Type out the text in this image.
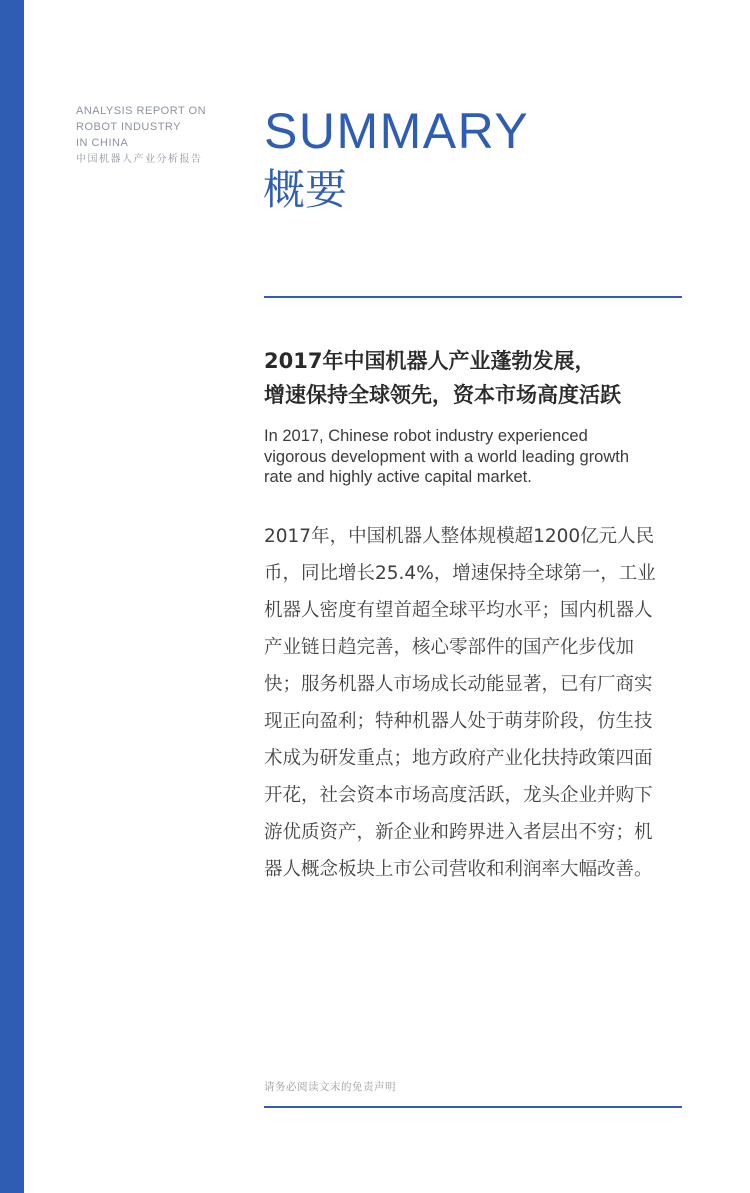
ANALYSIS REPORT ON
ROBOT INDUSTRY
IN CHINA
中国机器人产业分析报告
SUMMARY
概要
2017年中国机器人产业蓬勃发展，
增速保持全球领先，资本市场高度活跃

In 2017, Chinese robot industry experienced
vigorous development with a world leading growth
rate and highly active capital market.

2017年，中国机器人整体规模超1200亿元人民
币，同比增长25.4%，增速保持全球第一，工业
机器人密度有望首超全球平均水平；国内机器人
产业链日趋完善，核心零部件的国产化步伐加
快；服务机器人市场成长动能显著，已有厂商实
现正向盈利；特种机器人处于萌芽阶段，仿生技
术成为研发重点；地方政府产业化扶持政策四面
开花，社会资本市场高度活跃，龙头企业并购下
游优质资产，新企业和跨界进入者层出不穷；机
器人概念板块上市公司营收和利润率大幅改善。
请务必阅读文末的免责声明
